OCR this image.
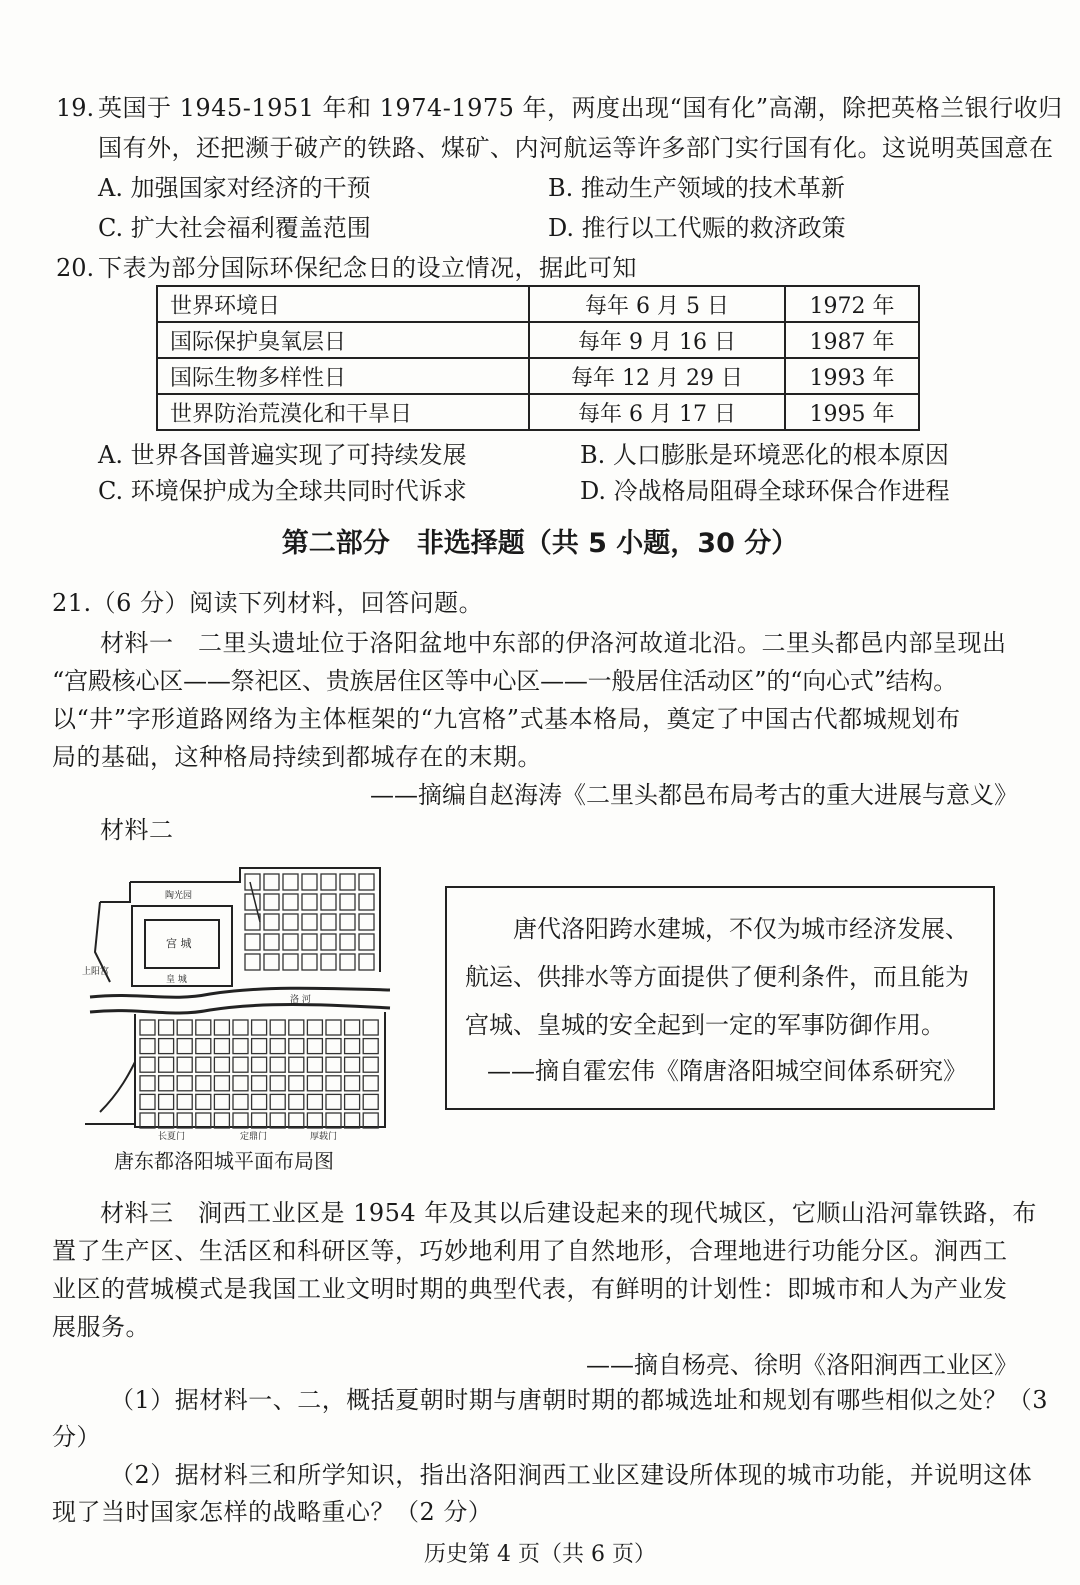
19. 英国于 1945-1951 年和 1974-1975 年，两度出现“国有化”高潮，除把英格兰银行收归
国有外，还把濒于破产的铁路、煤矿、内河航运等许多部门实行国有化。这说明英国意在
A. 加强国家对经济的干预	B. 推动生产领域的技术革新
C. 扩大社会福利覆盖范围	D. 推行以工代赈的救济政策
20. 下表为部分国际环保纪念日的设立情况，据此可知
世界环境日	每年 6 月 5 日	1972 年
国际保护臭氧层日	每年 9 月 16 日	1987 年
国际生物多样性日	每年 12 月 29 日	1993 年
世界防治荒漠化和干旱日	每年 6 月 17 日	1995 年
A. 世界各国普遍实现了可持续发展	B. 人口膨胀是环境恶化的根本原因
C. 环境保护成为全球共同时代诉求	D. 冷战格局阻碍全球环保合作进程
第二部分　非选择题（共 5 小题，30 分）
21.（6 分）阅读下列材料，回答问题。
材料一　二里头遗址位于洛阳盆地中东部的伊洛河故道北沿。二里头都邑内部呈现出
“宫殿核心区——祭祀区、贵族居住区等中心区——一般居住活动区”的“向心式”结构。
以“井”字形道路网络为主体框架的“九宫格”式基本格局，奠定了中国古代都城规划布
局的基础，这种格局持续到都城存在的末期。
——摘编自赵海涛《二里头都邑布局考古的重大进展与意义》
材料二
陶光园
宫 城
皇 城
上阳宫
洛 河
长夏门	定鼎门	厚载门
唐东都洛阳城平面布局图
唐代洛阳跨水建城，不仅为城市经济发展、
航运、供排水等方面提供了便利条件，而且能为
宫城、皇城的安全起到一定的军事防御作用。
——摘自霍宏伟《隋唐洛阳城空间体系研究》
材料三　涧西工业区是 1954 年及其以后建设起来的现代城区，它顺山沿河靠铁路，布
置了生产区、生活区和科研区等，巧妙地利用了自然地形，合理地进行功能分区。涧西工
业区的营城模式是我国工业文明时期的典型代表，有鲜明的计划性：即城市和人为产业发
展服务。
——摘自杨亮、徐明《洛阳涧西工业区》
（1）据材料一、二，概括夏朝时期与唐朝时期的都城选址和规划有哪些相似之处？（3
分）
（2）据材料三和所学知识，指出洛阳涧西工业区建设所体现的城市功能，并说明这体
现了当时国家怎样的战略重心？（2 分）
历史第 4 页（共 6 页）
